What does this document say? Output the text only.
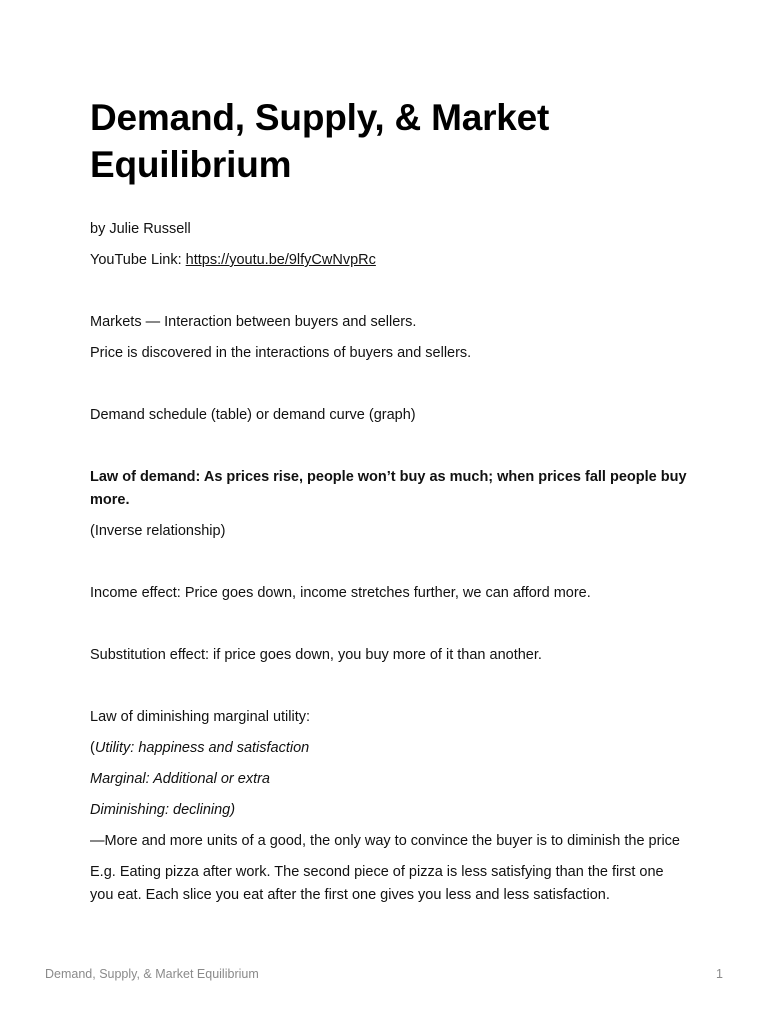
Demand, Supply, & Market Equilibrium

by Julie Russell

YouTube Link: https://youtu.be/9lfyCwNvpRc

Markets — Interaction between buyers and sellers.

Price is discovered in the interactions of buyers and sellers.

Demand schedule (table) or demand curve (graph)

Law of demand: As prices rise, people won’t buy as much; when prices fall people buy more.

(Inverse relationship)

Income effect: Price goes down, income stretches further, we can afford more.

Substitution effect: if price goes down, you buy more of it than another.

Law of diminishing marginal utility:

(Utility: happiness and satisfaction

Marginal: Additional or extra

Diminishing: declining)

—More and more units of a good, the only way to convince the buyer is to diminish the price

E.g. Eating pizza after work. The second piece of pizza is less satisfying than the first one you eat. Each slice you eat after the first one gives you less and less satisfaction.

Demand, Supply, & Market Equilibrium	1
